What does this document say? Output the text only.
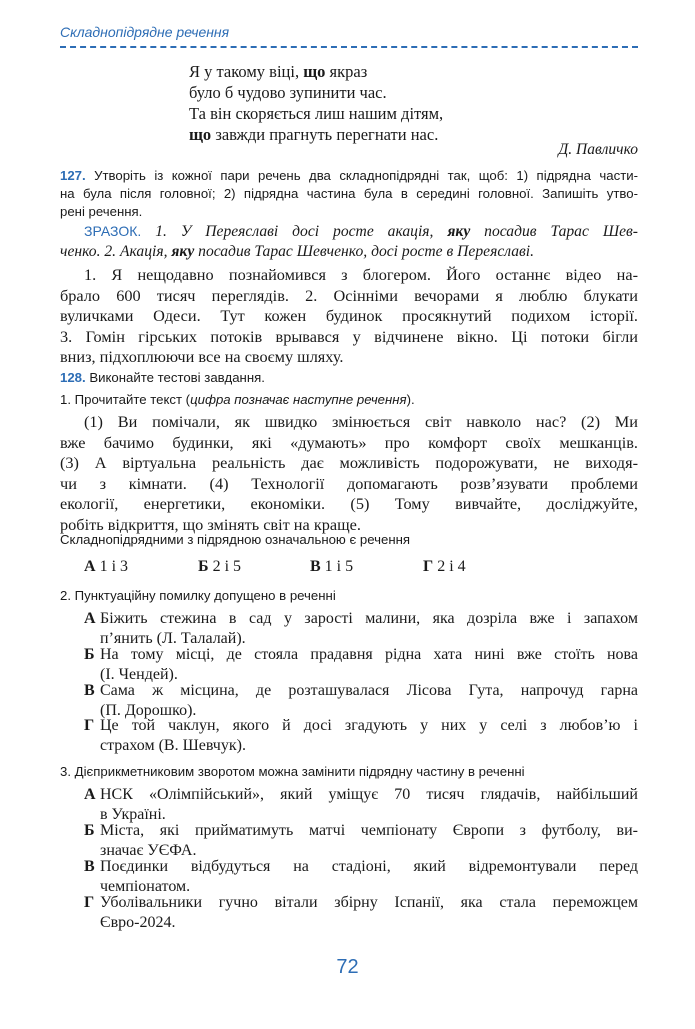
Складнопідрядне речення
Я у такому віці, що якраз
було б чудово зупинити час.
Та він скоряється лиш нашим дітям,
що завжди прагнуть перегнати нас.
Д. Павличко
127. Утворіть із кожної пари речень два складнопідрядні так, щоб: 1) підрядна части-
на була після головної; 2) підрядна частина була в середині головної. Запишіть утво-
рені речення.
ЗРАЗОК. 1. У Переяславі досі росте акація, яку посадив Тарас Шев-
ченко. 2. Акація, яку посадив Тарас Шевченко, досі росте в Переяславі.
1. Я нещодавно познайомився з блогером. Його останнє відео на-
брало 600 тисяч переглядів. 2. Осінніми вечорами я люблю блукати
вуличками Одеси. Тут кожен будинок просякнутий подихом історії.
3. Гомін гірських потоків врывався у відчинене вікно. Ці потоки бігли
вниз, підхоплюючи все на своєму шляху.
128. Виконайте тестові завдання.
1. Прочитайте текст (цифра позначає наступне речення).
(1) Ви помічали, як швидко змінюється світ навколо нас? (2) Ми
вже бачимо будинки, які «думають» про комфорт своїх мешканців.
(3) А віртуальна реальність дає можливість подорожувати, не виходя-
чи з кімнати. (4) Технології допомагають розв’язувати проблеми
екології, енергетики, економіки. (5) Тому вивчайте, досліджуйте,
робіть відкриття, що змінять світ на краще.
Складнопідрядними з підрядною означальною є речення
А 1 і 3	Б 2 і 5	В 1 і 5	Г 2 і 4
2. Пунктуаційну помилку допущено в реченні
А Біжить стежина в сад у зарості малини, яка дозріла вже і запахом
п’янить (Л. Талалай).
Б На тому місці, де стояла прадавня рідна хата нині вже стоїть нова
(І. Чендей).
В Сама ж місцина, де розташувалася Лісова Гута, напрочуд гарна
(П. Дорошко).
Г Це той чаклун, якого й досі згадують у них у селі з любов’ю і
страхом (В. Шевчук).
3. Дієприкметниковим зворотом можна замінити підрядну частину в реченні
А НСК «Олімпійський», який уміщує 70 тисяч глядачів, найбільший
в Україні.
Б Міста, які прийматимуть матчі чемпіонату Європи з футболу, ви-
значає УЄФА.
В Поєдинки відбудуться на стадіоні, який відремонтували перед
чемпіонатом.
Г Уболівальники гучно вітали збірну Іспанії, яка стала переможцем
Євро-2024.
72
